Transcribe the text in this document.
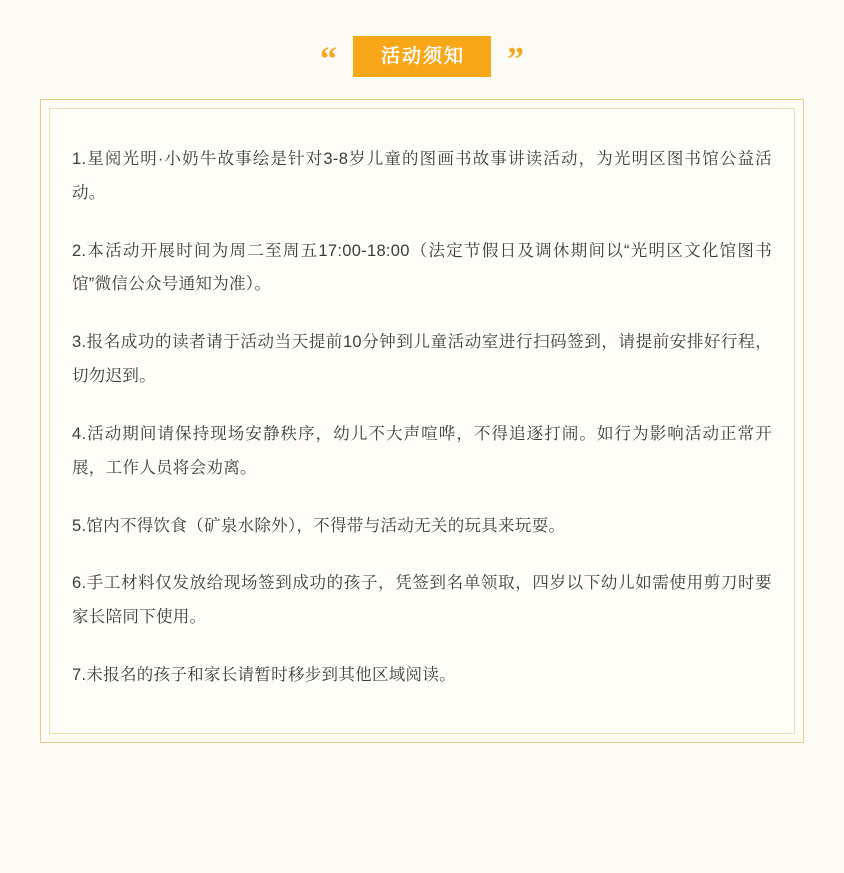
“	活动须知	”

1.星阅光明·小奶牛故事绘是针对3-8岁儿童的图画书故事讲读活动，为光明区图书馆公益活动。

2.本活动开展时间为周二至周五17:00-18:00（法定节假日及调休期间以“光明区文化馆图书馆”微信公众号通知为准）。

3.报名成功的读者请于活动当天提前10分钟到儿童活动室进行扫码签到，请提前安排好行程，切勿迟到。

4.活动期间请保持现场安静秩序，幼儿不大声喧哗，不得追逐打闹。如行为影响活动正常开展，工作人员将会劝离。

5.馆内不得饮食（矿泉水除外），不得带与活动无关的玩具来玩耍。

6.手工材料仅发放给现场签到成功的孩子，凭签到名单领取，四岁以下幼儿如需使用剪刀时要家长陪同下使用。

7.未报名的孩子和家长请暂时移步到其他区域阅读。
